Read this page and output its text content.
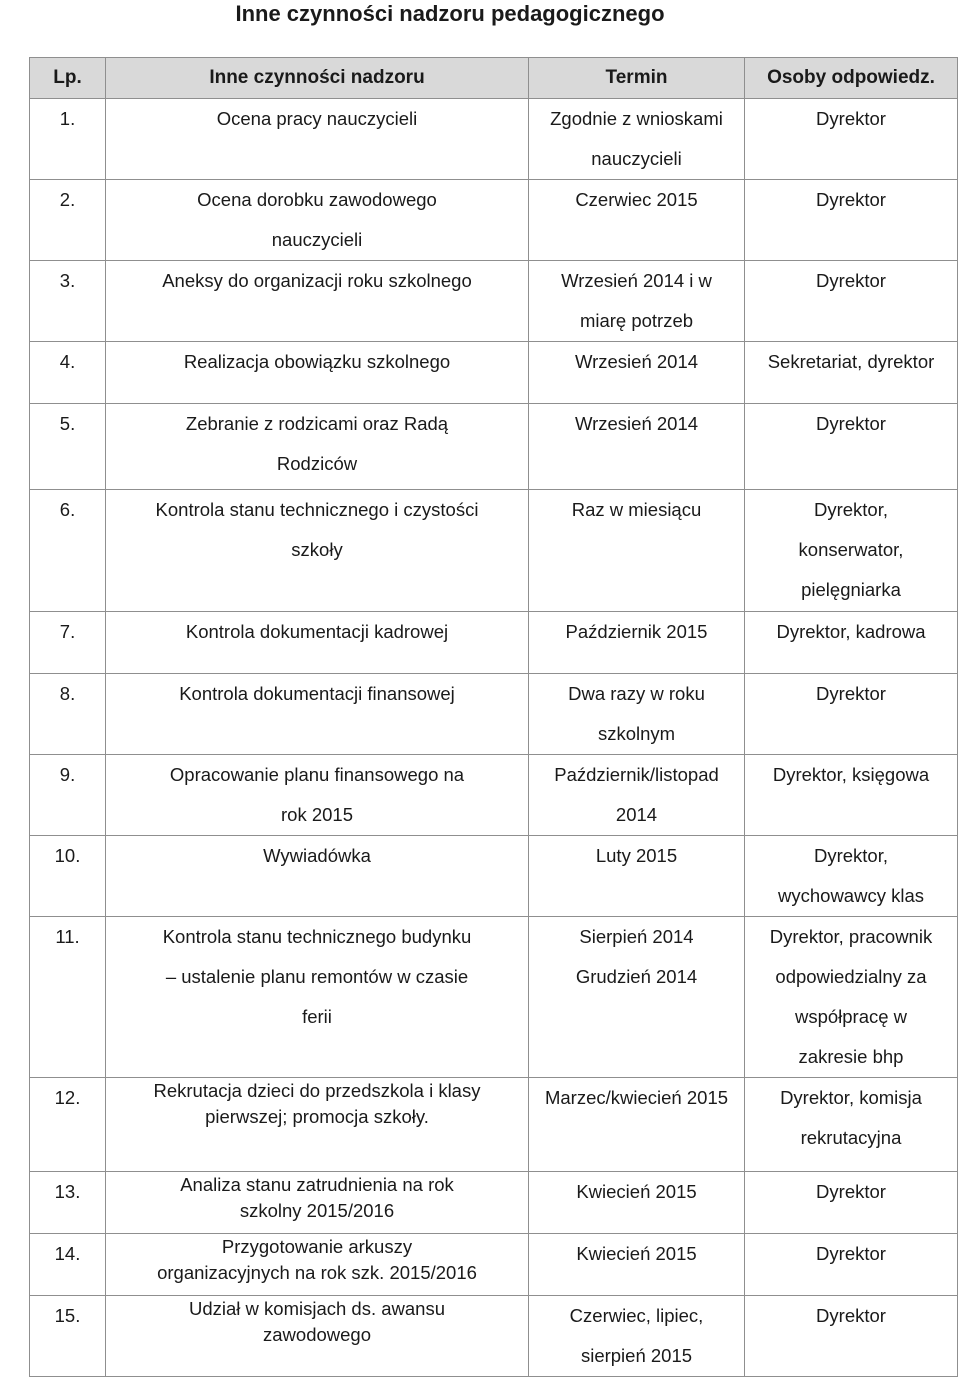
Inne czynności nadzoru pedagogicznego
Lp.	Inne czynności nadzoru	Termin	Osoby odpowiedz.

1.	Ocena pracy nauczycieli	Zgodnie z wnioskami
nauczycieli	Dyrektor

2.	Ocena dorobku zawodowego
nauczycieli	Czerwiec 2015	Dyrektor

3.	Aneksy do organizacji roku szkolnego	Wrzesień 2014 i w
miarę potrzeb	Dyrektor

4.	Realizacja obowiązku szkolnego	Wrzesień 2014	Sekretariat, dyrektor

5.	Zebranie z rodzicami oraz Radą
Rodziców	Wrzesień 2014	Dyrektor

6.	Kontrola stanu technicznego i czystości
szkoły	Raz w miesiącu	Dyrektor,
konserwator,
pielęgniarka

7.	Kontrola dokumentacji kadrowej	Październik 2015	Dyrektor, kadrowa

8.	Kontrola dokumentacji finansowej	Dwa razy w roku
szkolnym	Dyrektor

9.	Opracowanie planu finansowego na
rok 2015	Październik/listopad
2014	Dyrektor, księgowa

10.	Wywiadówka	Luty 2015	Dyrektor,
wychowawcy klas

11.	Kontrola stanu technicznego budynku
– ustalenie planu remontów w czasie
ferii	Sierpień 2014
Grudzień 2014	Dyrektor, pracownik
odpowiedzialny za
współpracę w
zakresie bhp

12.	Rekrutacja dzieci do przedszkola i klasy
pierwszej; promocja szkoły.	Marzec/kwiecień 2015	Dyrektor, komisja
rekrutacyjna

13.	Analiza stanu zatrudnienia na rok
szkolny 2015/2016	Kwiecień 2015	Dyrektor

14.	Przygotowanie arkuszy
organizacyjnych na rok szk. 2015/2016	Kwiecień 2015	Dyrektor

15.	Udział w komisjach ds. awansu
zawodowego	Czerwiec, lipiec,
sierpień 2015	Dyrektor
